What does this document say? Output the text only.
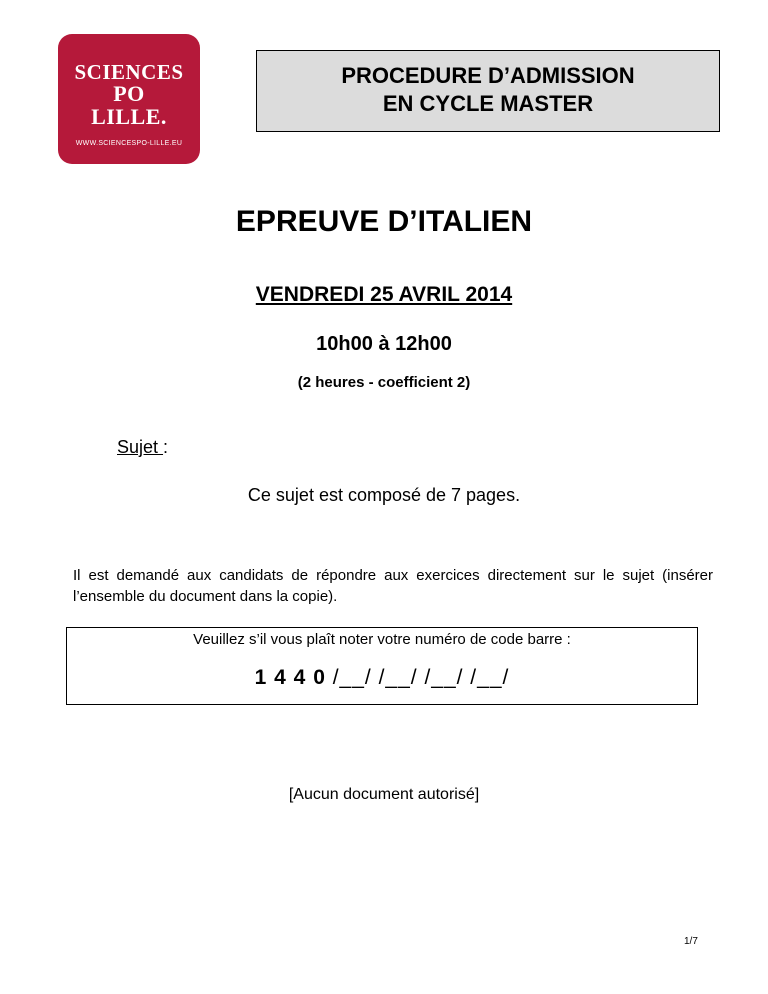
SCIENCES
PO
LILLE.
WWW.SCIENCESPO-LILLE.EU
PROCEDURE D’ADMISSION
EN CYCLE MASTER
EPREUVE D’ITALIEN
VENDREDI 25 AVRIL 2014
10h00 à 12h00
(2 heures - coefficient 2)
Sujet :
Ce sujet est composé de 7 pages.
Il est demandé aux candidats de répondre aux exercices directement sur le sujet (insérer l’ensemble du document dans la copie).
Veuillez s’il vous plaît noter votre numéro de code barre :
1 4 4 0 /__/ /__/ /__/ /__/
[Aucun document autorisé]
1/7
